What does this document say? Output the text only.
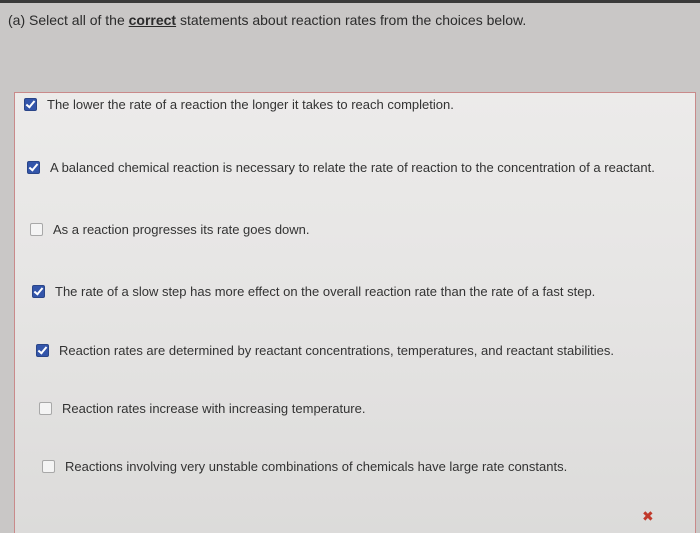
(a) Select all of the correct statements about reaction rates from the choices below.
The lower the rate of a reaction the longer it takes to reach completion.
A balanced chemical reaction is necessary to relate the rate of reaction to the concentration of a reactant.
As a reaction progresses its rate goes down.
The rate of a slow step has more effect on the overall reaction rate than the rate of a fast step.
Reaction rates are determined by reactant concentrations, temperatures, and reactant stabilities.
Reaction rates increase with increasing temperature.
Reactions involving very unstable combinations of chemicals have large rate constants.
✖
